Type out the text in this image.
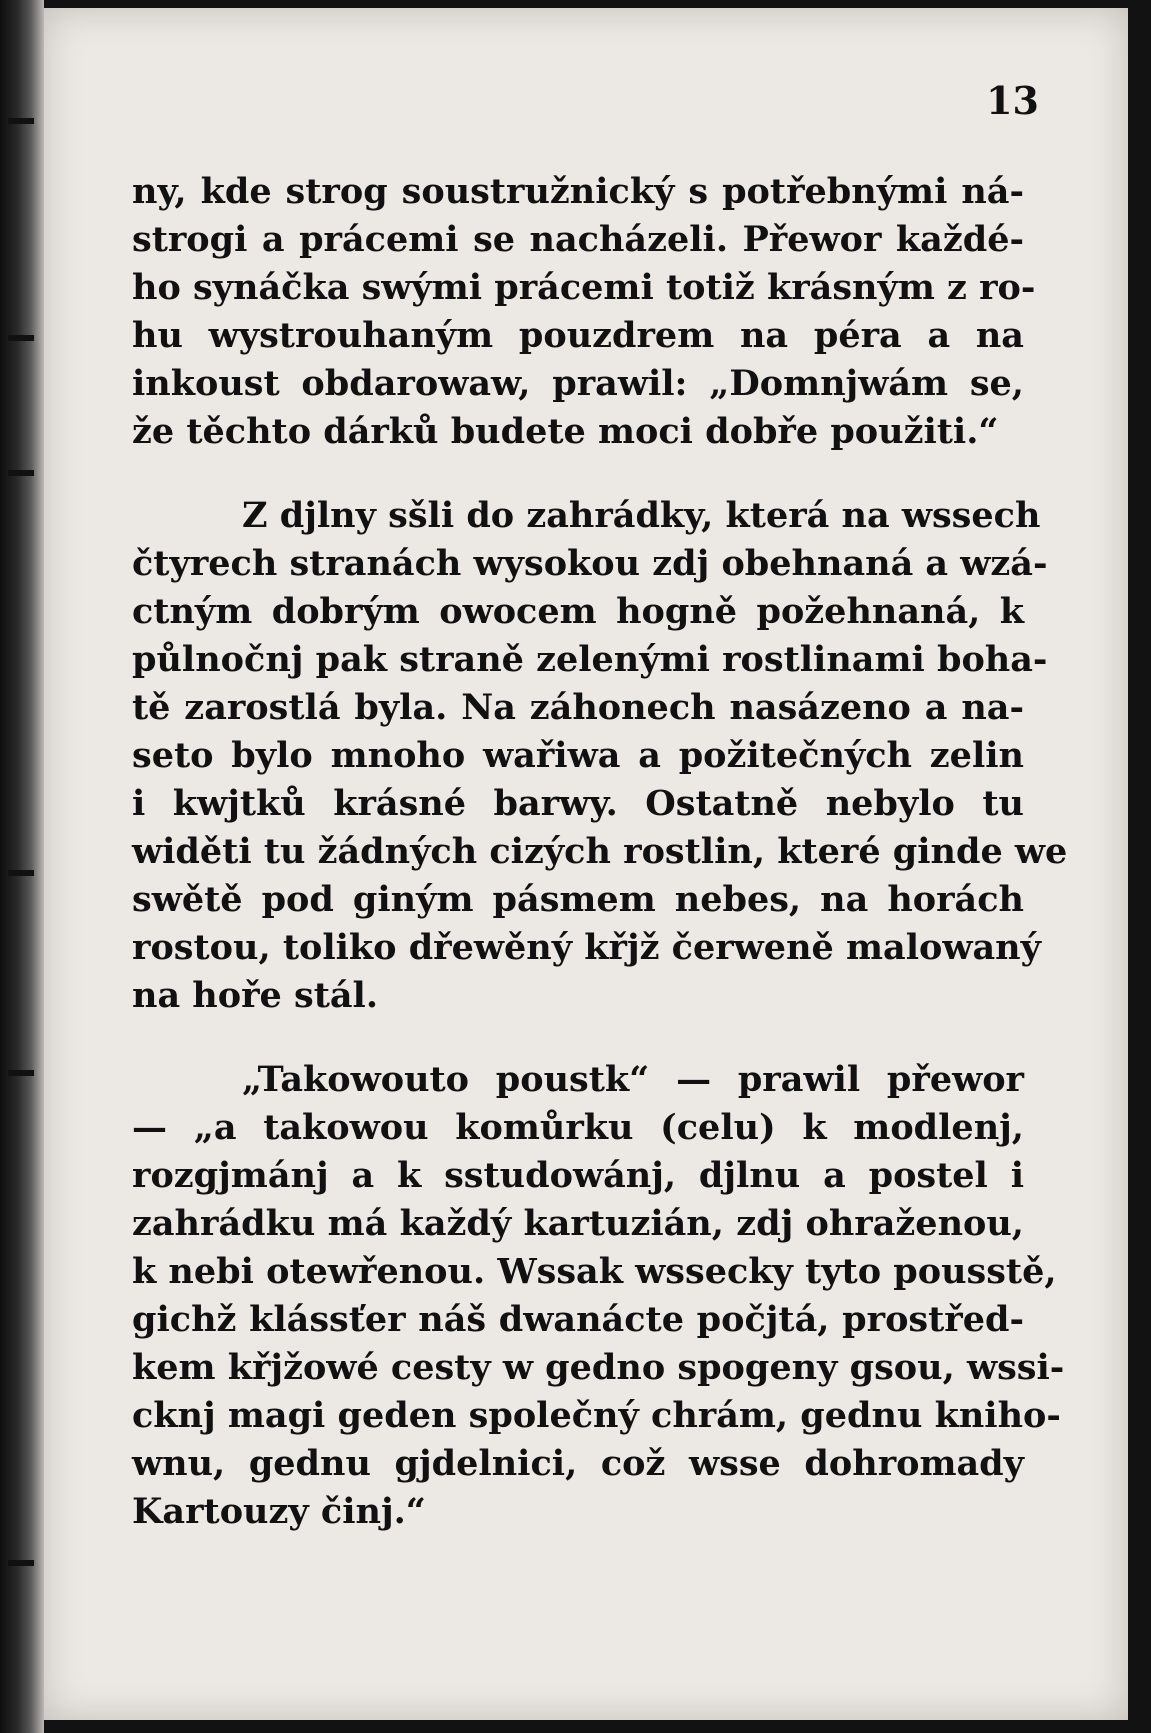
13

ny, kde strog soustružnický s potřebnými ná-
strogi a prácemi se nacházeli. Přewor každé-
ho synáčka swými prácemi totiž krásným z ro-
hu wystrouhaným pouzdrem na péra a na
inkoust obdarowaw, prawil: „Domnjwám se,
že těchto dárků budete moci dobře použiti.“
Z djlny sšli do zahrádky, která na wssech
čtyrech stranách wysokou zdj obehnaná a wzá-
ctným dobrým owocem hogně požehnaná, k
půlnočnj pak straně zelenými rostlinami boha-
tě zarostlá byla. Na záhonech nasázeno a na-
seto bylo mnoho wařiwa a požitečných zelin
i kwjtků krásné barwy. Ostatně nebylo tu
widěti tu žádných cizých rostlin, které ginde we
swětě pod giným pásmem nebes, na horách
rostou, toliko dřewěný křjž čerweně malowaný
na hoře stál.
„Takowouto poustk“ — prawil přewor
— „a takowou komůrku (celu) k modlenj,
rozgjmánj a k sstudowánj, djlnu a postel i
zahrádku má každý kartuzián, zdj ohraženou,
k nebi otewřenou. Wssak wssecky tyto pousstě,
gichž klássťer náš dwanácte počjtá, prostřed-
kem křjžowé cesty w gedno spogeny gsou, wssi-
cknj magi geden společný chrám, gednu kniho-
wnu, gednu gjdelnici, což wsse dohromady
Kartouzy činj.“
